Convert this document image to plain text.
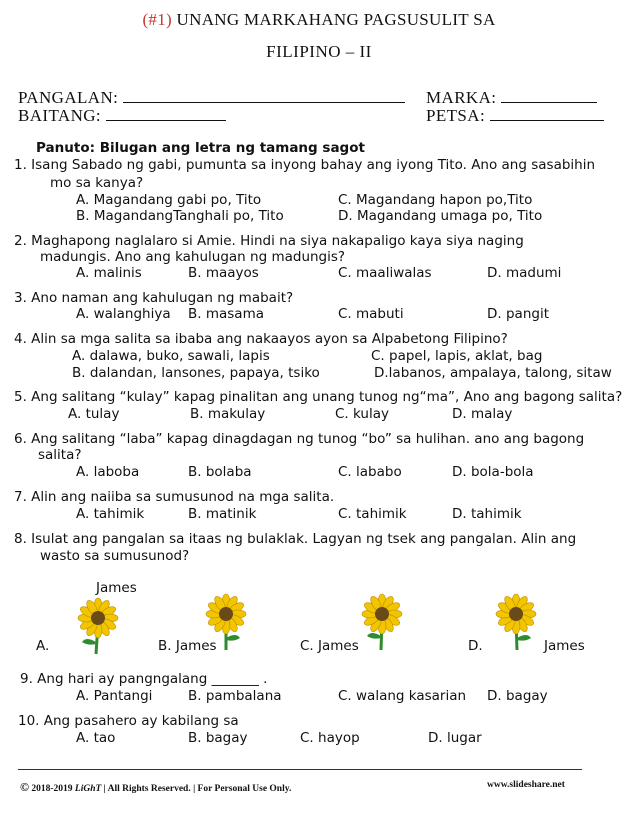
(#1) UNANG MARKAHANG PAGSUSULIT SA
FILIPINO – II
PANGALAN:	MARKA:
BAITANG:	PETSA:
Panuto: Bilugan ang letra ng tamang sagot
1. Isang Sabado ng gabi, pumunta sa inyong bahay ang iyong Tito. Ano ang sasabihin
mo sa kanya?
A. Magandang gabi po, Tito	C. Magandang hapon po,Tito
B. MagandangTanghali po, Tito	D. Magandang umaga po, Tito
2. Maghapong naglalaro si Amie. Hindi na siya nakapaligo kaya siya naging
madungis. Ano ang kahulugan ng madungis?
A. malinis	B. maayos	C. maaliwalas	D. madumi
3. Ano naman ang kahulugan ng mabait?
A. walanghiya B. masama	C. mabuti	D. pangit
4. Alin sa mga salita sa ibaba ang nakaayos ayon sa Alpabetong Filipino?
A. dalawa, buko, sawali, lapis	C. papel, lapis, aklat, bag
B. dalandan, lansones, papaya, tsiko	D.labanos, ampalaya, talong, sitaw
5. Ang salitang “kulay” kapag pinalitan ang unang tunog ng“ma”, Ano ang bagong salita?
A. tulay	B. makulay	C. kulay	D. malay
6. Ang salitang “laba” kapag dinagdagan ng tunog “bo” sa hulihan. ano ang bagong
salita?
A. laboba	B. bolaba	C. lababo	D. bola-bola
7. Alin ang naiiba sa sumusunod na mga salita.
A. tahimik	B. matinik	C. tahimik	D. tahimik
8. Isulat ang pangalan sa itaas ng bulaklak. Lagyan ng tsek ang pangalan. Alin ang
wasto sa sumusunod?
James
A.	B. James	C. James	D.	James
9. Ang hari ay pangngalang _______ .
A. Pantangi	B. pambalana	C. walang kasarian D. bagay
10. Ang pasahero ay kabilang sa
A. tao	B. bagay	C. hayop	D. lugar
© 2018-2019 LiGhT | All Rights Reserved. | For Personal Use Only.	www.slideshare.net
